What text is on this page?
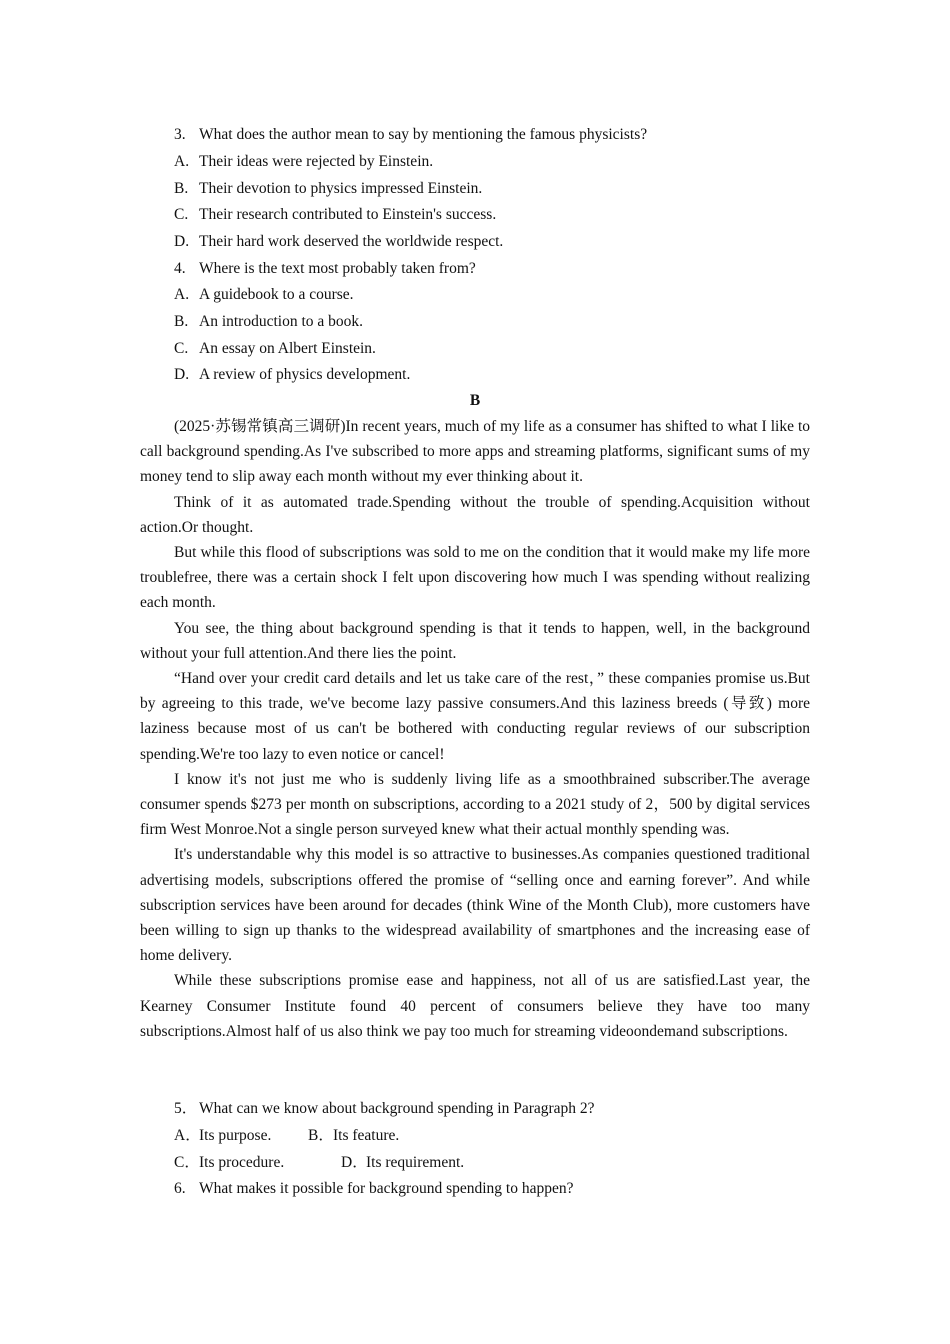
3. What does the author mean to say by mentioning the famous physicists?
A. Their ideas were rejected by Einstein.
B. Their devotion to physics impressed Einstein.
C. Their research contributed to Einstein's success.
D. Their hard work deserved the worldwide respect.
4. Where is the text most probably taken from?
A. A guidebook to a course.
B. An introduction to a book.
C. An essay on Albert Einstein.
D. A review of physics development.
B

(2025·苏锡常镇高三调研)In recent years, much of my life as a consumer has shifted to what I like to call background spending.As I've subscribed to more apps and streaming platforms, significant sums of my money tend to slip away each month without my ever thinking about it.

Think of it as automated trade.Spending without the trouble of spending.Acquisition without action.Or thought.

But while this flood of subscriptions was sold to me on the condition that it would make my life more troublefree, there was a certain shock I felt upon discovering how much I was spending without realizing each month.

You see, the thing about background spending is that it tends to happen, well, in the background without your full attention.And there lies the point.

“Hand over your credit card details and let us take care of the rest，” these companies promise us.But by agreeing to this trade, we've become lazy passive consumers.And this laziness breeds (导致) more laziness because most of us can't be bothered with conducting regular reviews of our subscription spending.We're too lazy to even notice or cancel!

I know it's not just me who is suddenly living life as a smoothbrained subscriber.The average consumer spends $273 per month on subscriptions, according to a 2021 study of 2，500 by digital services firm West Monroe.Not a single person surveyed knew what their actual monthly spending was.

It's understandable why this model is so attractive to businesses.As companies questioned traditional advertising models, subscriptions offered the promise of “selling once and earning forever”. And while subscription services have been around for decades (think Wine of the Month Club), more customers have been willing to sign up thanks to the widespread availability of smartphones and the increasing ease of home delivery.

While these subscriptions promise ease and happiness, not all of us are satisfied.Last year, the Kearney Consumer Institute found 40 percent of consumers believe they have too many subscriptions.Almost half of us also think we pay too much for streaming videoondemand subscriptions.

5． What can we know about background spending in Paragraph 2?
A．Its purpose. B．Its feature.
C．Its procedure.	D．Its requirement.
6. What makes it possible for background spending to happen?
